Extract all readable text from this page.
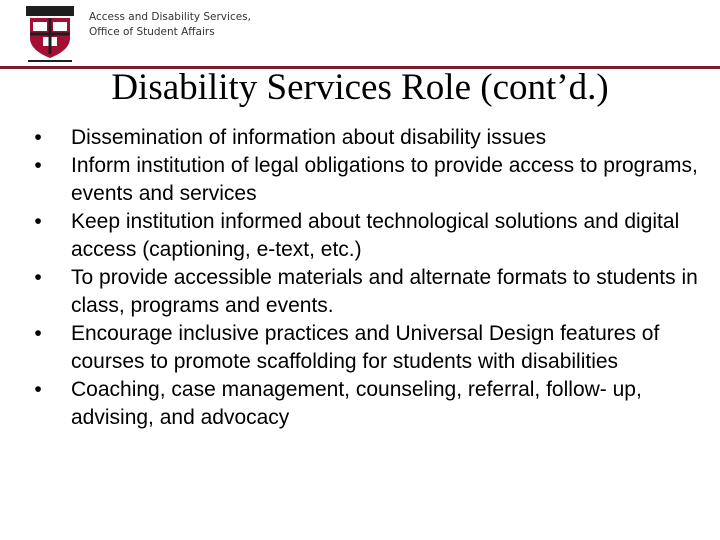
Access and Disability Services,
Office of Student Affairs
Disability Services Role (cont’d.)
•	Dissemination of information about disability issues
•	Inform institution of legal obligations to provide access to programs, events and services
•	Keep institution informed about technological solutions and digital access (captioning, e-text, etc.)
•	To provide accessible materials and alternate formats to students in class, programs and events.
•	Encourage inclusive practices and Universal Design features of courses to promote scaffolding for students with disabilities
•	Coaching, case management, counseling, referral, follow- up, advising, and advocacy
